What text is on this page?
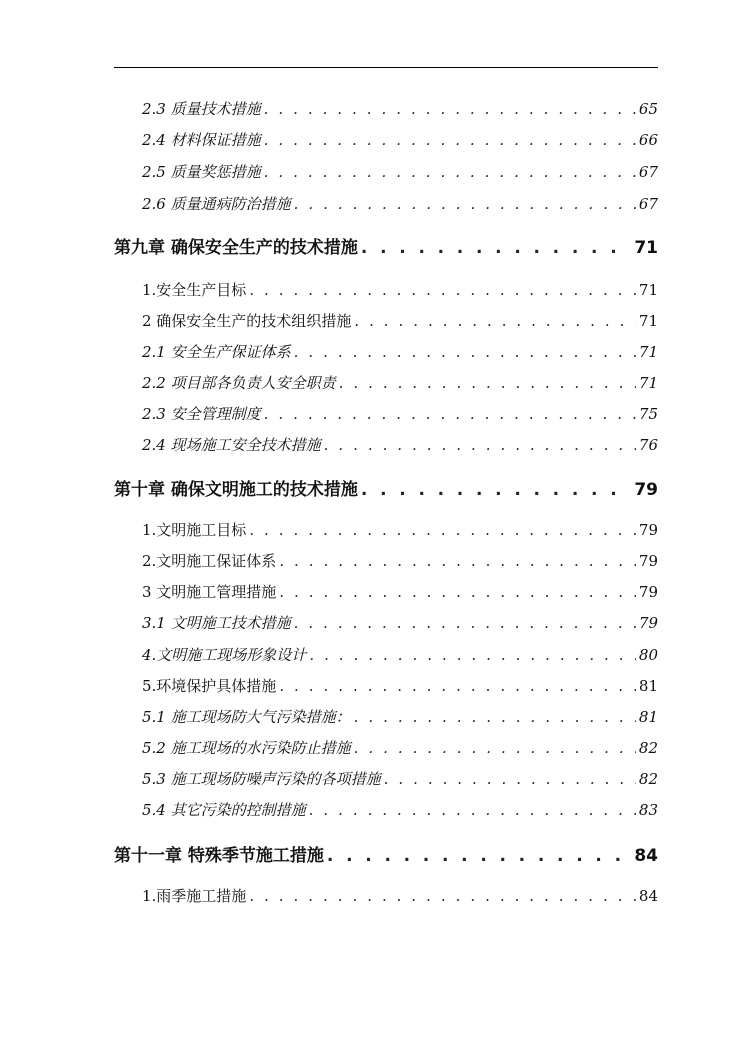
2.3 质量技术措施 . . .	65
2.4 材料保证措施 . . .	66
2.5 质量奖惩措施 . . .	67
2.6 质量通病防治措施 . . .	67
第九章 确保安全生产的技术措施 . . .	71
1.安全生产目标 . . .	71
2 确保安全生产的技术组织措施 . . .	71
2.1 安全生产保证体系 . . .	71
2.2 项目部各负责人安全职责 . . .	71
2.3 安全管理制度 . . .	75
2.4 现场施工安全技术措施 . . .	76
第十章 确保文明施工的技术措施 . . .	79
1.文明施工目标 . . .	79
2.文明施工保证体系 . . .	79
3 文明施工管理措施 . . .	79
3.1 文明施工技术措施 . . .	79
4.文明施工现场形象设计 . . .	80
5.环境保护具体措施 . . .	81
5.1 施工现场防大气污染措施： . . .	81
5.2 施工现场的水污染防止措施 . . .	82
5.3 施工现场防噪声污染的各项措施 . . .	82
5.4 其它污染的控制措施 . . .	83
第十一章 特殊季节施工措施 . . .	84
1.雨季施工措施 . . .	84
